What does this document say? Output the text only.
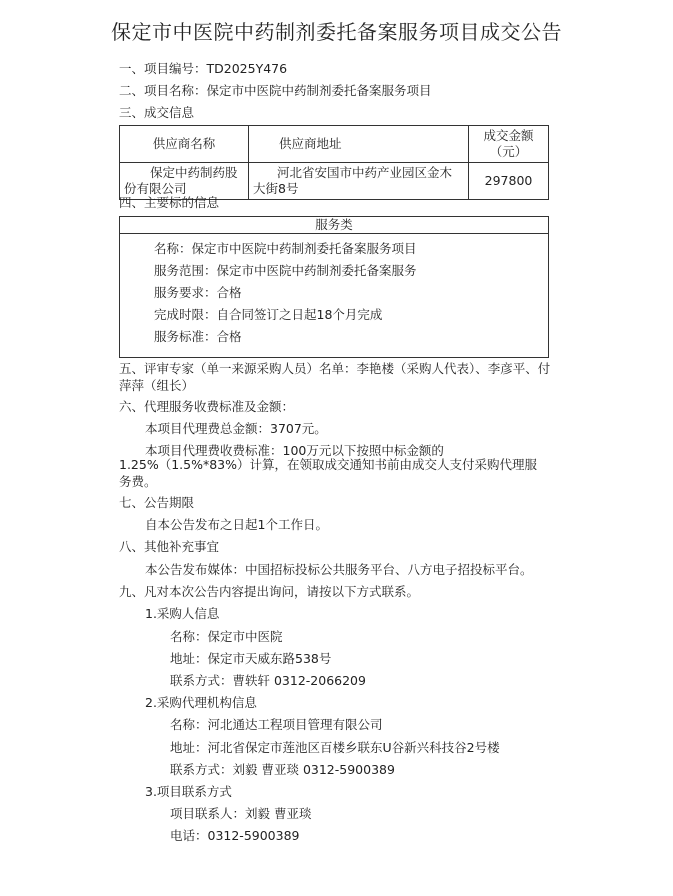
保定市中医院中药制剂委托备案服务项目成交公告
一、项目编号：TD2025Y476
二、项目名称：保定市中医院中药制剂委托备案服务项目
三、成交信息
供应商名称	供应商地址	成交金额（元）
保定中药制药股份有限公司	河北省安国市中药产业园区金木大街8号	297800
四、主要标的信息
服务类
名称：保定市中医院中药制剂委托备案服务项目
服务范围：保定市中医院中药制剂委托备案服务
服务要求：合格
完成时限：自合同签订之日起18个月完成
服务标准：合格
五、评审专家（单一来源采购人员）名单：李艳楼（采购人代表）、李彦平、付萍萍（组长）
六、代理服务收费标准及金额：
本项目代理费总金额：3707元。
本项目代理费收费标准：100万元以下按照中标金额的
1.25%（1.5%*83%）计算，在领取成交通知书前由成交人支付采购代理服务费。
七、公告期限
自本公告发布之日起1个工作日。
八、其他补充事宜
本公告发布媒体：中国招标投标公共服务平台、八方电子招投标平台。
九、凡对本次公告内容提出询问，请按以下方式联系。
1.采购人信息
名称：保定市中医院
地址：保定市天威东路538号
联系方式：曹轶轩 0312-2066209
2.采购代理机构信息
名称：河北通达工程项目管理有限公司
地址：河北省保定市莲池区百楼乡联东U谷新兴科技谷2号楼
联系方式：刘毅 曹亚琰 0312-5900389
3.项目联系方式
项目联系人：刘毅 曹亚琰
电话：0312-5900389
